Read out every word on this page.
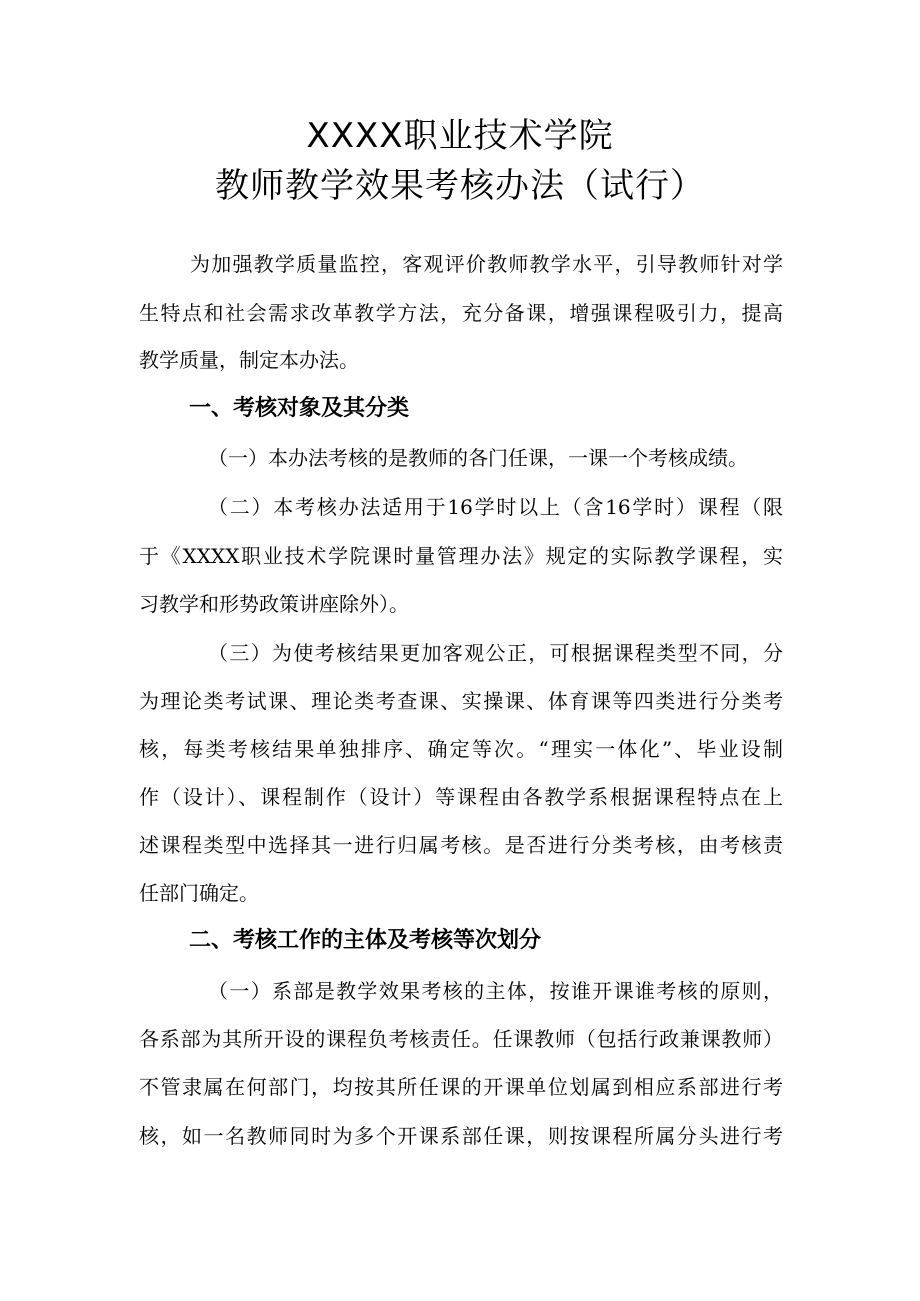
XXXX职业技术学院
教师教学效果考核办法（试行）
为加强教学质量监控，客观评价教师教学水平，引导教师针对学
生特点和社会需求改革教学方法，充分备课，增强课程吸引力，提高
教学质量，制定本办法。
一、考核对象及其分类
（一）本办法考核的是教师的各门任课，一课一个考核成绩。
（二）本考核办法适用于16学时以上（含16学时）课程（限
于《XXXX职业技术学院课时量管理办法》规定的实际教学课程，实
习教学和形势政策讲座除外）。
（三）为使考核结果更加客观公正，可根据课程类型不同，分
为理论类考试课、理论类考查课、实操课、体育课等四类进行分类考
核，每类考核结果单独排序、确定等次。“理实一体化”、毕业设制
作（设计）、课程制作（设计）等课程由各教学系根据课程特点在上
述课程类型中选择其一进行归属考核。是否进行分类考核，由考核责
任部门确定。
二、考核工作的主体及考核等次划分
（一）系部是教学效果考核的主体，按谁开课谁考核的原则，
各系部为其所开设的课程负考核责任。任课教师（包括行政兼课教师）
不管隶属在何部门，均按其所任课的开课单位划属到相应系部进行考
核，如一名教师同时为多个开课系部任课，则按课程所属分头进行考
